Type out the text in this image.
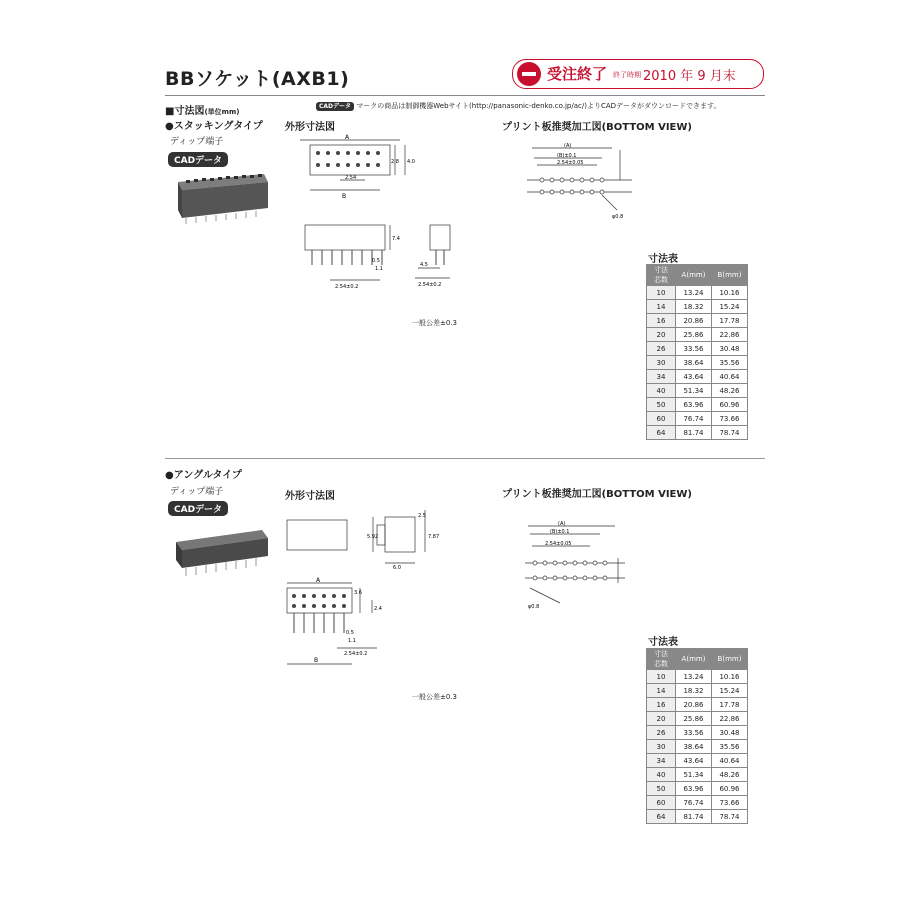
BBソケット(AXB1)	受注終了 終了時期 2010 年 9 月末
■寸法図(単位mm)
CADデータ マークの商品は制御機器Webサイト(http://panasonic-denko.co.jp/ac/)よりCADデータがダウンロードできます。
●スタッキングタイプ
ディップ端子
CADデータ
外形寸法図	プリント板推奨加工図(BOTTOM VIEW)
A
B
2.54
2.8 4.0
7.4
0.5
1.1
2.54±0.2
4.5
2.54±0.2
一般公差±0.3
(A)
(B)±0.1
2.54±0.05
φ0.8
寸法表
寸法
芯数	A(mm)	B(mm)
10	13.24	10.16
14	18.32	15.24
16	20.86	17.78
20	25.86	22.86
26	33.56	30.48
30	38.64	35.56
34	43.64	40.64
40	51.34	48.26
50	63.96	60.96
60	76.74	73.66
64	81.74	78.74
●アングルタイプ
ディップ端子
CADデータ
外形寸法図	プリント板推奨加工図(BOTTOM VIEW)
5.92
6.0
2.5
7.87
A
B
3.6
2.4
0.5
1.1
2.54±0.2
一般公差±0.3
(A)
(B)±0.1
2.54±0.05
φ0.8
寸法表
寸法
芯数	A(mm)	B(mm)
10	13.24	10.16
14	18.32	15.24
16	20.86	17.78
20	25.86	22.86
26	33.56	30.48
30	38.64	35.56
34	43.64	40.64
40	51.34	48.26
50	63.96	60.96
60	76.74	73.66
64	81.74	78.74
